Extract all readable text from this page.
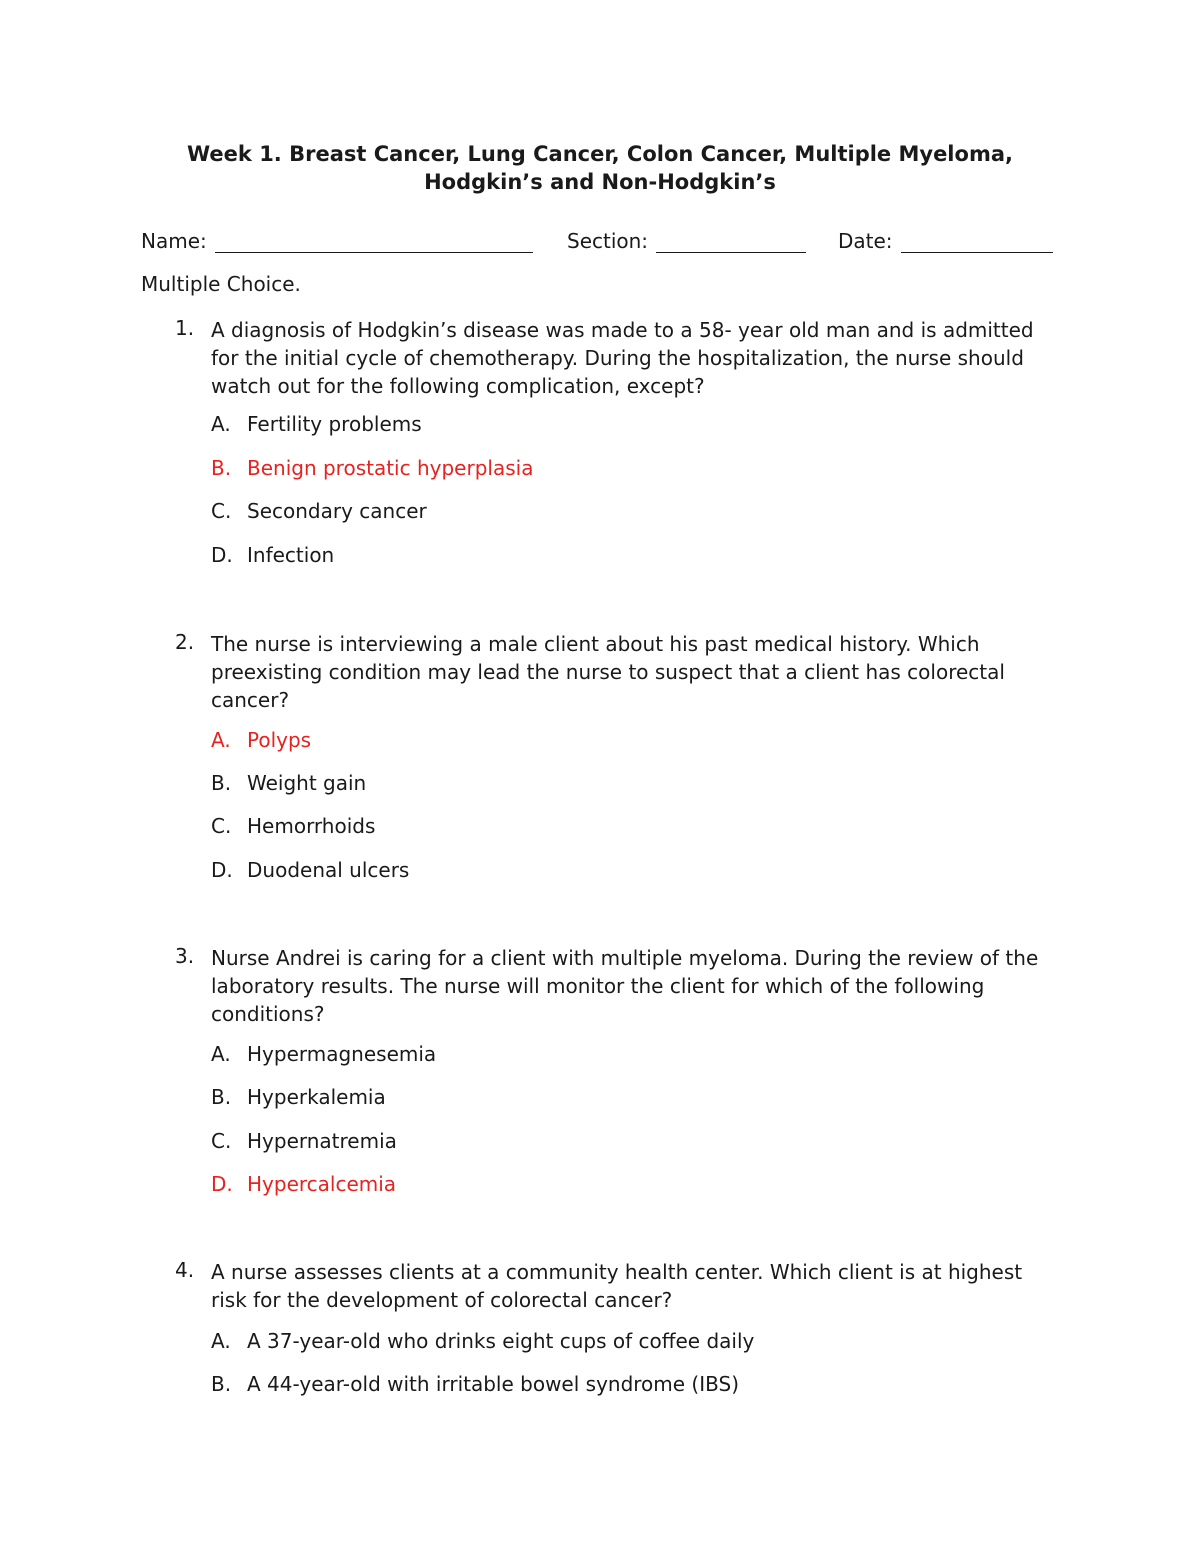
Week 1. Breast Cancer, Lung Cancer, Colon Cancer, Multiple Myeloma,
Hodgkin’s and Non-Hodgkin’s
Name:	Section:	Date:
Multiple Choice.
1. A diagnosis of Hodgkin’s disease was made to a 58- year old man and is admitted for the initial cycle of chemotherapy. During the hospitalization, the nurse should watch out for the following complication, except?
A. Fertility problems
B. Benign prostatic hyperplasia
C. Secondary cancer
D. Infection
2. The nurse is interviewing a male client about his past medical history. Which preexisting condition may lead the nurse to suspect that a client has colorectal cancer?
A. Polyps
B. Weight gain
C. Hemorrhoids
D. Duodenal ulcers
3. Nurse Andrei is caring for a client with multiple myeloma. During the review of the laboratory results. The nurse will monitor the client for which of the following conditions?
A. Hypermagnesemia
B. Hyperkalemia
C. Hypernatremia
D. Hypercalcemia
4. A nurse assesses clients at a community health center. Which client is at highest risk for the development of colorectal cancer?
A. A 37-year-old who drinks eight cups of coffee daily
B. A 44-year-old with irritable bowel syndrome (IBS)
